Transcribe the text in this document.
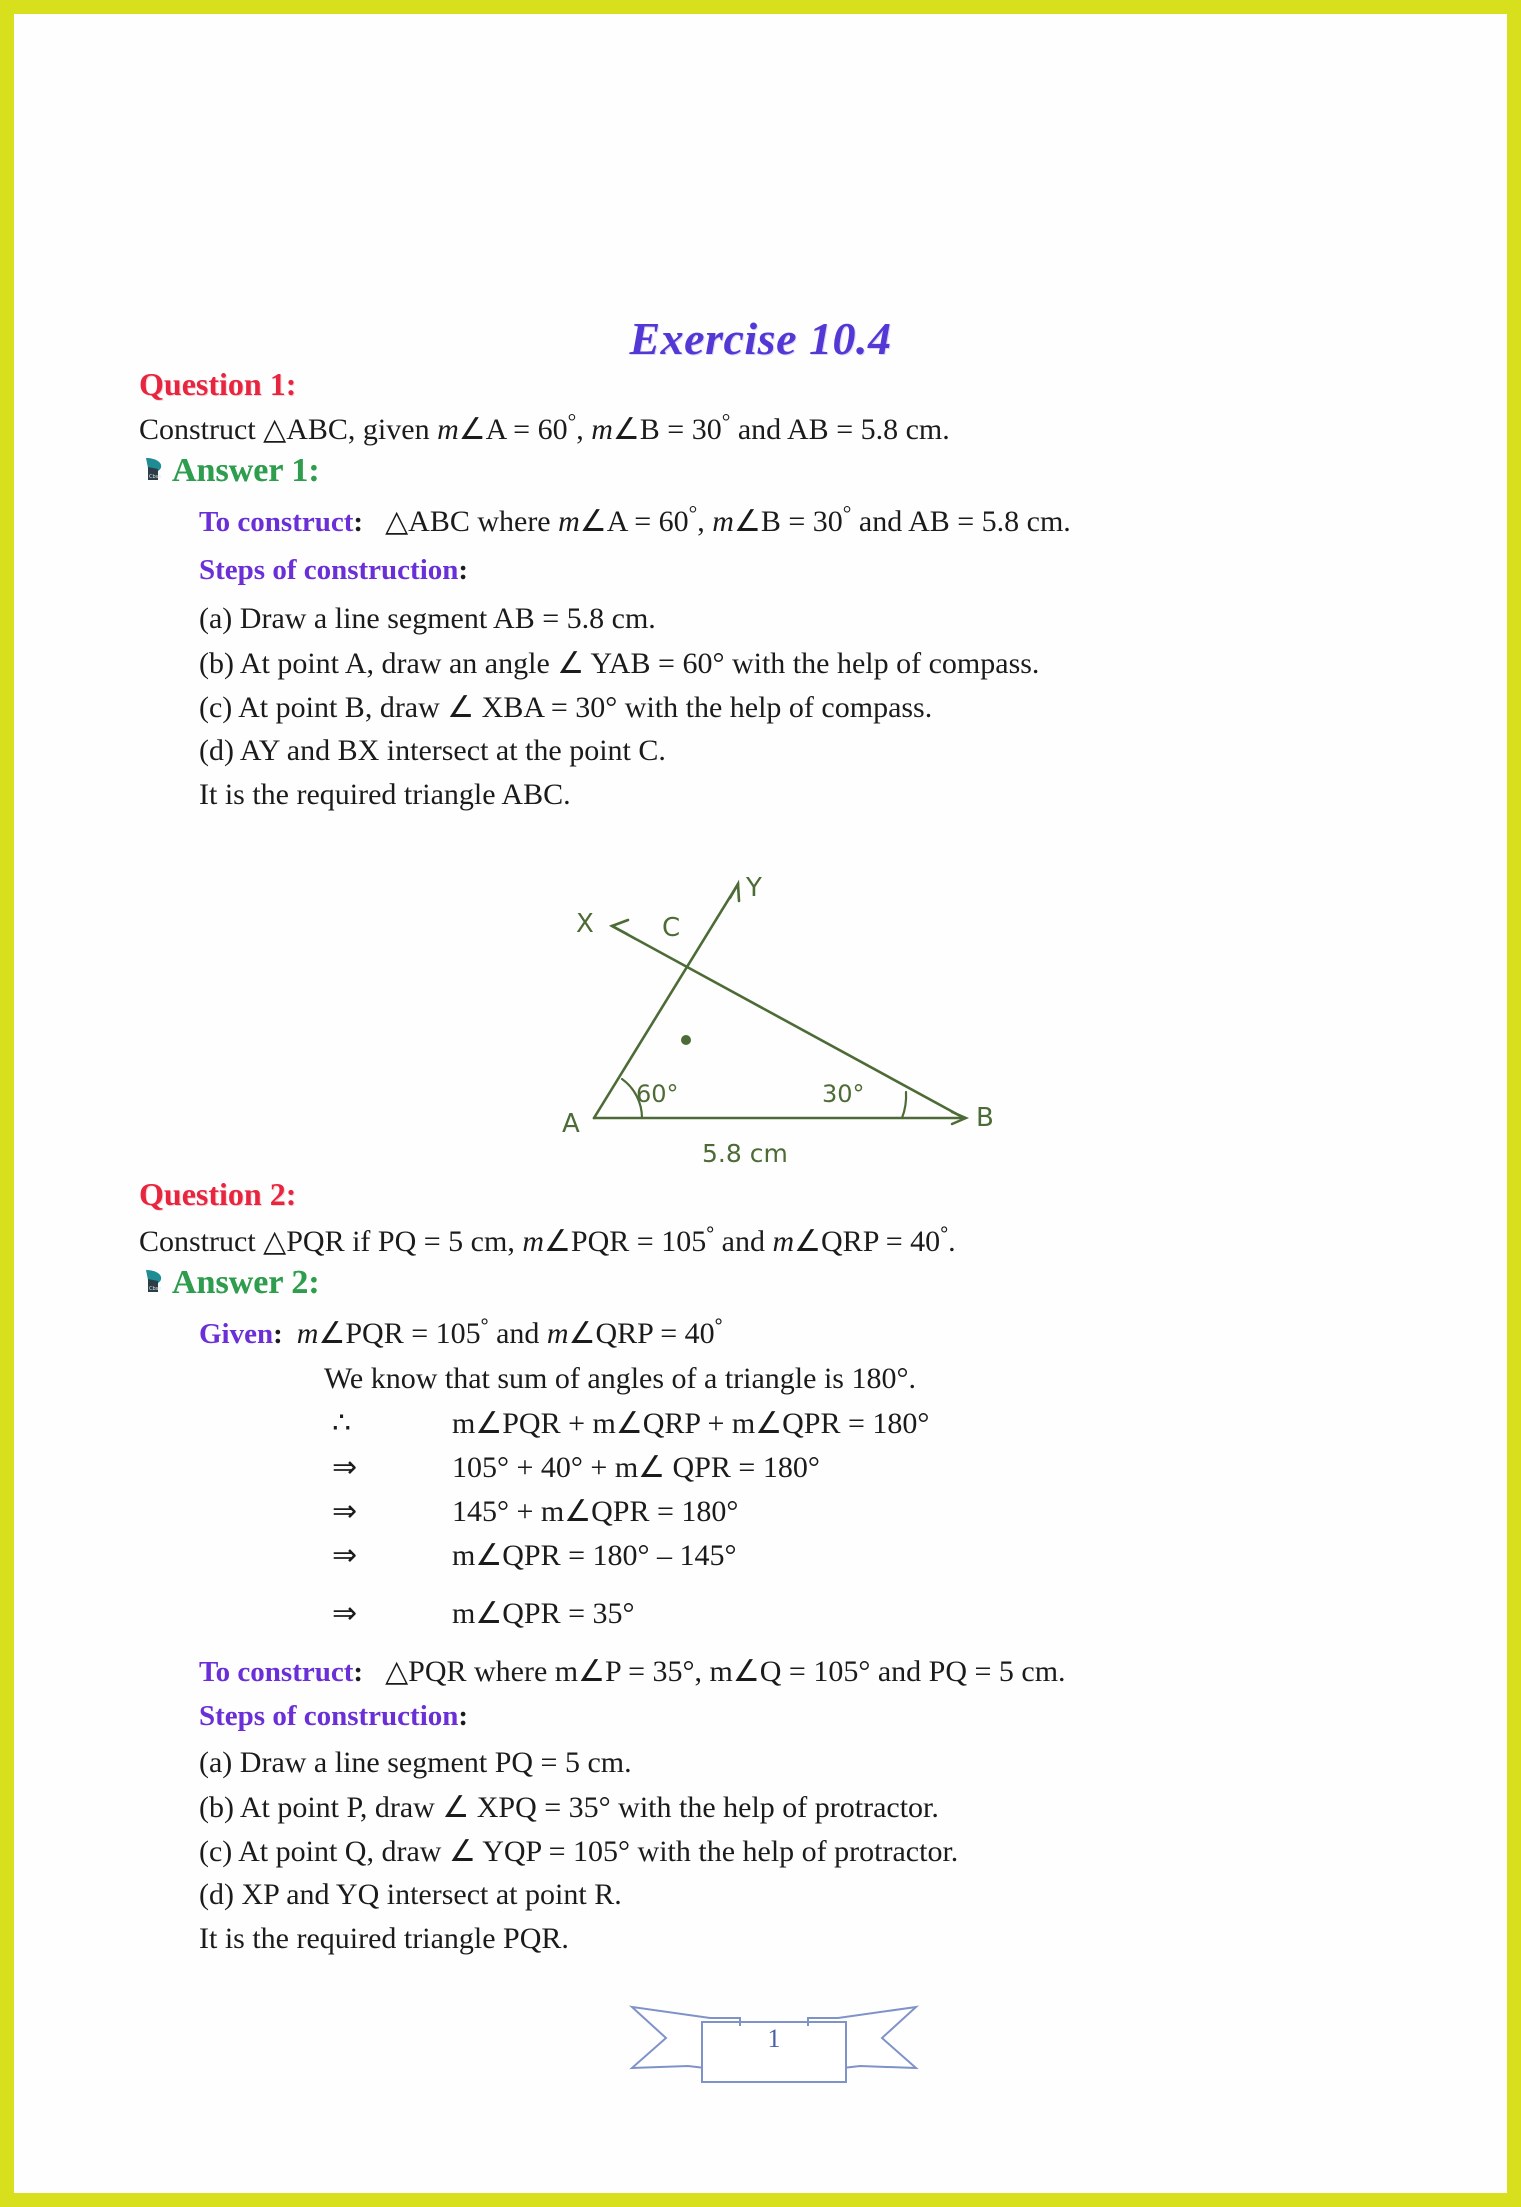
Exercise 10.4
Question 1:
Construct △ABC, given m∠A = 60°, m∠B = 30° and AB = 5.8 cm.
Cbse Answer 1:
To construct: △ABC where m∠A = 60°, m∠B = 30° and AB = 5.8 cm.
Steps of construction:
(a) Draw a line segment AB = 5.8 cm.
(b) At point A, draw an angle ∠ YAB = 60° with the help of compass.
(c) At point B, draw ∠ XBA = 30° with the help of compass.
(d) AY and BX intersect at the point C.
It is the required triangle ABC.
A	B
C
X
Y
60°	30°
5.8 cm
Question 2:
Construct △PQR if PQ = 5 cm, m∠PQR = 105° and m∠QRP = 40°.
Cbse Answer 2:
Given: m∠PQR = 105° and m∠QRP = 40°
We know that sum of angles of a triangle is 180°.
∴	m∠PQR + m∠QRP + m∠QPR = 180°
⇒	105° + 40° + m∠ QPR = 180°
⇒	145° + m∠QPR = 180°
⇒	m∠QPR = 180° – 145°
⇒	m∠QPR = 35°
To construct: △PQR where m∠P = 35°, m∠Q = 105° and PQ = 5 cm.
Steps of construction:
(a) Draw a line segment PQ = 5 cm.
(b) At point P, draw ∠ XPQ = 35° with the help of protractor.
(c) At point Q, draw ∠ YQP = 105° with the help of protractor.
(d) XP and YQ intersect at point R.
It is the required triangle PQR.
1
